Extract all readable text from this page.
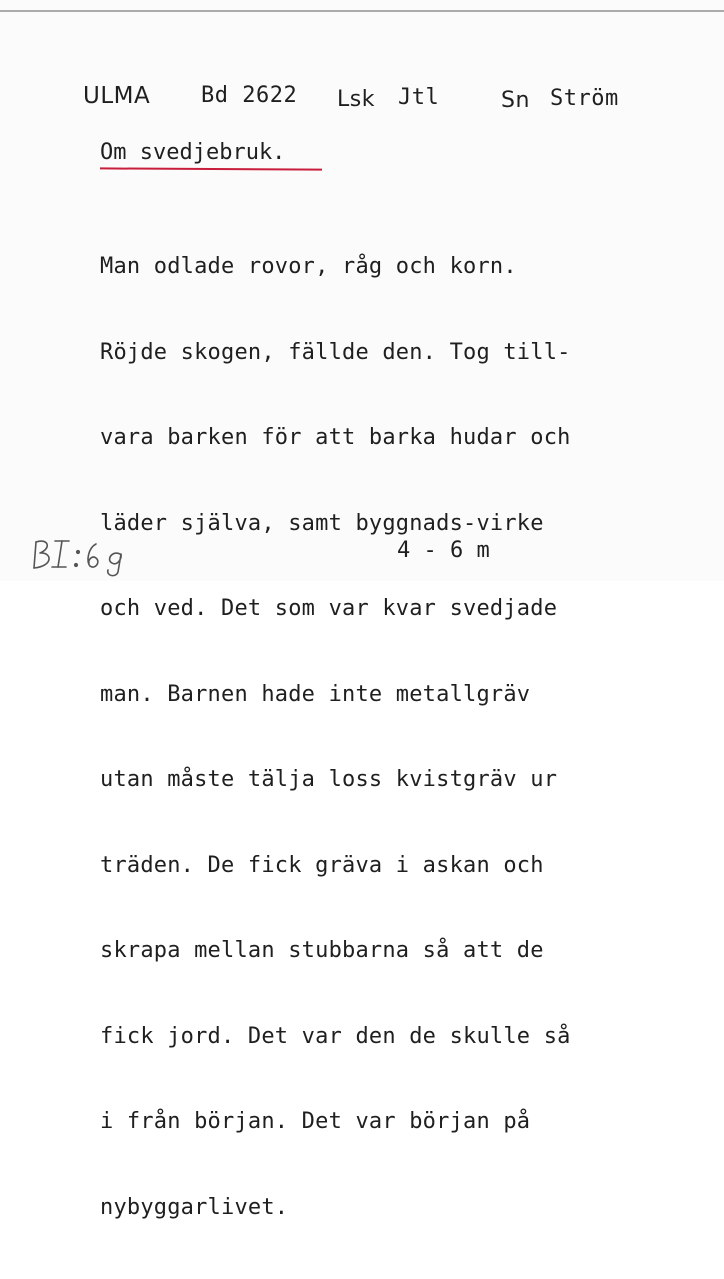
ULMA Bd 2622 Lsk Jtl	Sn Ström
Om svedjebruk.

Man odlade rovor, råg och korn.

Röjde skogen, fällde den. Tog till-

vara barken för att barka hudar och

läder själva, samt byggnads-virke

och ved. Det som var kvar svedjade

man. Barnen hade inte metallgräv

utan måste tälja loss kvistgräv ur

träden. De fick gräva i askan och

skrapa mellan stubbarna så att de

fick jord. Det var den de skulle så

i från början. Det var början på

nybyggarlivet.

4 - 6 m
